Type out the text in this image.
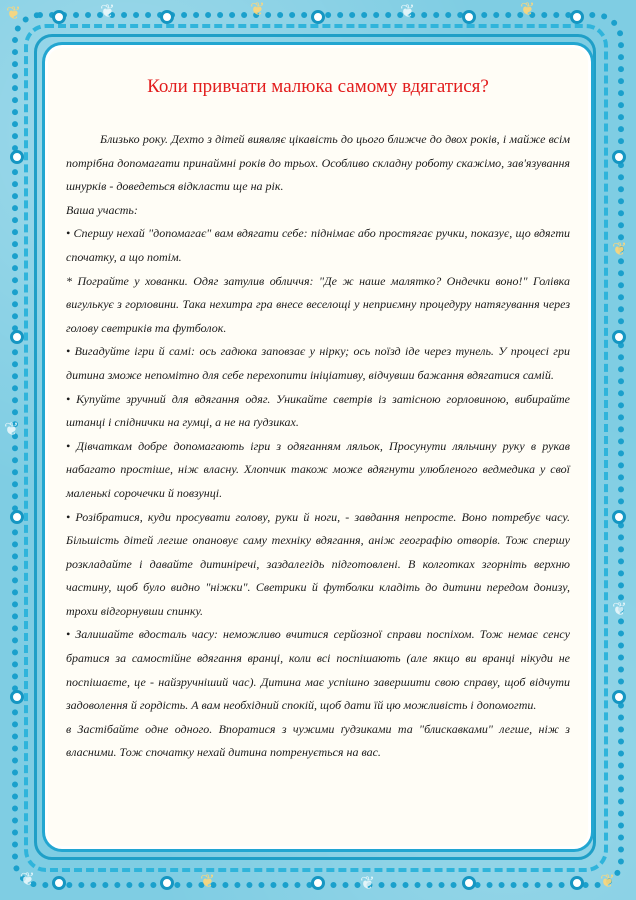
❦	❦	❦	❦	❦
❦
❦
❦
❦	❦	❦	❦
Коли привчати малюка самому вдягатися?

Близько року. Дехто з дітей виявляє цікавість до цього ближче до двох років, і майже всім потрібна допомагати принаймні років до трьох. Особливо складну роботу скажімо, зав'язування шнурків - доведеться відкласти ще на рік.

Ваша участь:

• Спершу нехай "допомагає" вам вдягати себе: піднімає або простягає ручки, показує, що вдягти спочатку, а що потім.

* Пограйте у хованки. Одяг затулив обличчя: "Де ж наше малятко? Ондечки воно!" Голівка вигулькує з горловини. Така нехитра гра внесе веселощі у неприємну процедуру натягування через голову светриків та футболок.

• Вигадуйте ігри й самі: ось гадюка заповзає у нірку; ось поїзд іде через тунель. У процесі гри дитина зможе непомітно для себе перехопити ініціативу, відчувши бажання вдягатися самій.

• Купуйте зручний для вдягання одяг. Уникайте светрів із затісною горловиною, вибирайте штанці і спіднички на гумці, а не на ґудзиках.

• Дівчаткам добре допомагають ігри з одяганням ляльок, Просунути ляльчину руку в рукав набагато простіше, ніж власну. Хлопчик також може вдягнути улюбленого ведмедика у свої маленькі сорочечки й повзунці.

• Розібратися, куди просувати голову, руки й ноги, - завдання непросте. Воно потребує часу. Більшість дітей легше опановує саму техніку вдягання, аніж географію отворів. Тож спершу розкладайте і давайте дитиніречі, заздалегідь підготовлені. В колготках згорніть верхню частину, щоб було видно "ніжки". Светрики й футболки кладіть до дитини передом донизу, трохи відгорнувши спинку.

• Залишайте вдосталь часу: неможливо вчитися серйозної справи поспіхом. Тож немає сенсу братися за самостійне вдягання вранці, коли всі поспішають (але якщо ви вранці нікуди не поспішаєте, це - найзручніший час). Дитина має успішно завершити свою справу, щоб відчути задоволення й гордість. А вам необхідний спокій, щоб дати їй цю можливість і допомогти.

в Застібайте одне одного. Впоратися з чужими ґудзиками та "блискавками" легше, ніж з власними. Тож спочатку нехай дитина потренується на вас.
